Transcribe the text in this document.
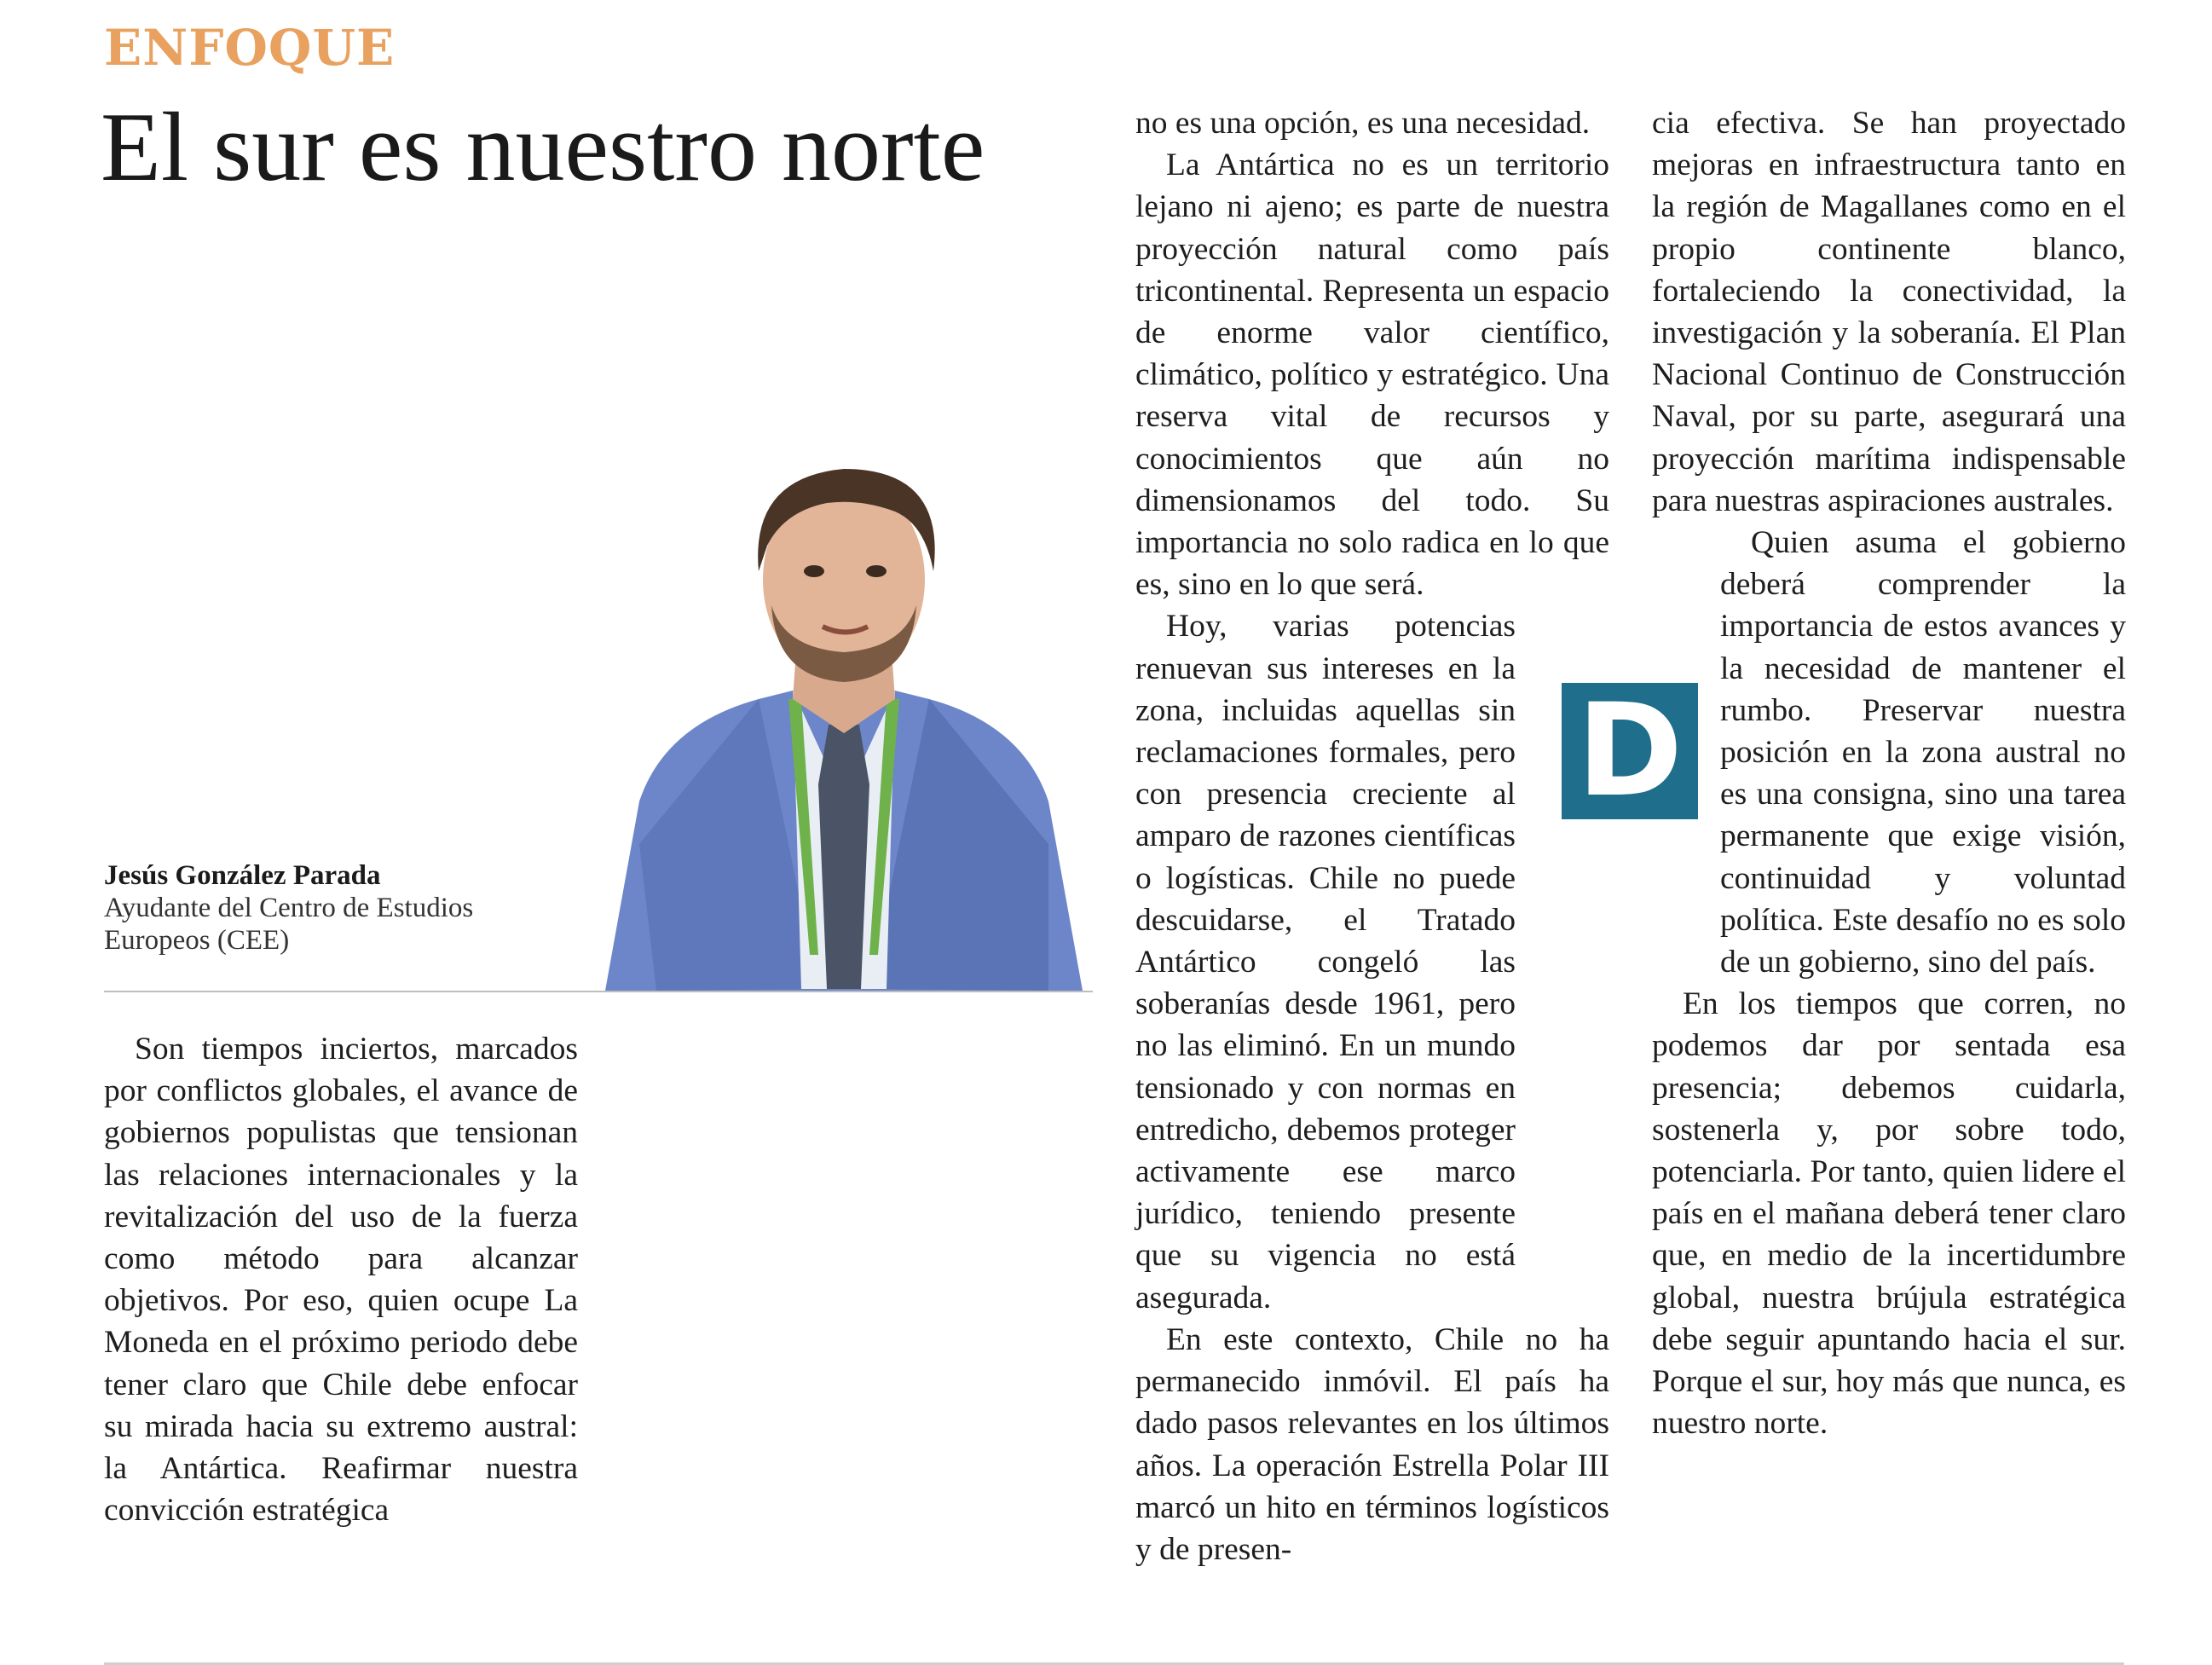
ENFOQUE
El sur es nuestro norte
Jesús González Parada
Ayudante del Centro de Estudios Europeos (CEE)

Son tiempos inciertos, marcados por conflictos globales, el avance de gobiernos populistas que tensionan las relaciones internacionales y la revitalización del uso de la fuerza como método para alcanzar objetivos. Por eso, quien ocupe La Moneda en el próximo periodo debe tener claro que Chile debe enfocar su mirada hacia su extremo austral: la Antártica. Reafirmar nuestra convicción estratégica

no es una opción, es una necesidad.

La Antártica no es un territorio lejano ni ajeno; es parte de nuestra proyección natural como país tricontinental. Representa un espacio de enorme valor científico, climático, político y estratégico. Una reserva vital de recursos y conocimientos que aún no dimensionamos del todo. Su importancia no solo radica en lo que es, sino en lo que será.

Hoy, varias potencias renuevan sus intereses en la zona, incluidas aquellas sin reclamaciones formales, pero con presencia creciente al amparo de razones científicas o logísticas. Chile no puede descuidarse, el Tratado Antártico congeló las soberanías desde 1961, pero no las eliminó. En un mundo tensionado y con normas en entredicho, debemos proteger activamente ese marco jurídico, teniendo presente que su vigencia no está asegurada.

En este contexto, Chile no ha permanecido inmóvil. El país ha dado pasos relevantes en los últimos años. La operación Estrella Polar III marcó un hito en términos logísticos y de presen-

D

cia efectiva. Se han proyectado mejoras en infraestructura tanto en la región de Magallanes como en el propio continente blanco, fortaleciendo la conectividad, la investigación y la soberanía. El Plan Nacional Continuo de Construcción Naval, por su parte, asegurará una proyección marítima indispensable para nuestras aspiraciones australes.

Quien asuma el gobierno deberá comprender la importancia de estos avances y la necesidad de mantener el rumbo. Preservar nuestra posición en la zona austral no es una consigna, sino una tarea permanente que exige visión, continuidad y voluntad política. Este desafío no es solo de un gobierno, sino del país.

En los tiempos que corren, no podemos dar por sentada esa presencia; debemos cuidarla, sostenerla y, por sobre todo, potenciarla. Por tanto, quien lidere el país en el mañana deberá tener claro que, en medio de la incertidumbre global, nuestra brújula estratégica debe seguir apuntando hacia el sur. Porque el sur, hoy más que nunca, es nuestro norte.
